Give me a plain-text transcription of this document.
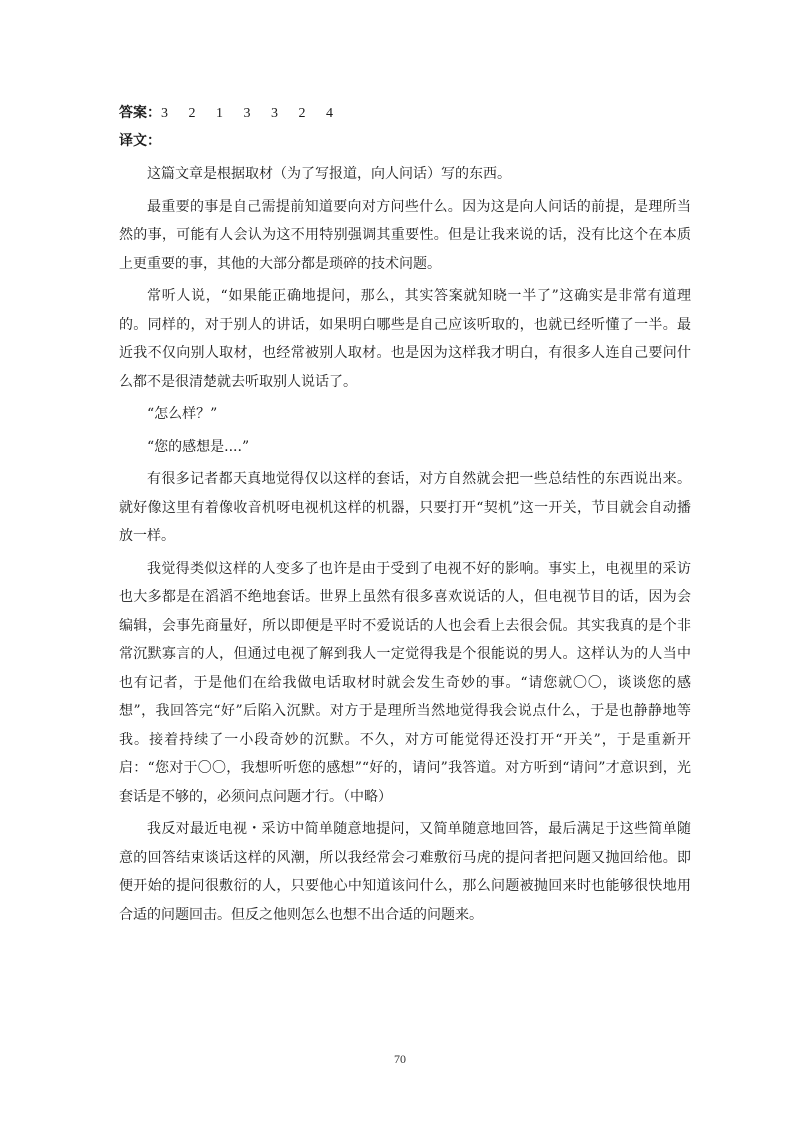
答案：3 2 1 3 3 2 4
译文：

这篇文章是根据取材（为了写报道，向人问话）写的东西。

最重要的事是自己需提前知道要向对方问些什么。因为这是向人问话的前提，是理所当然的事，可能有人会认为这不用特别强调其重要性。但是让我来说的话，没有比这个在本质上更重要的事，其他的大部分都是琐碎的技术问题。

常听人说，“如果能正确地提问，那么，其实答案就知晓一半了”这确实是非常有道理的。同样的，对于别人的讲话，如果明白哪些是自己应该听取的，也就已经听懂了一半。最近我不仅向别人取材，也经常被别人取材。也是因为这样我才明白，有很多人连自己要问什么都不是很清楚就去听取别人说话了。

“怎么样？”

“您的感想是....”

有很多记者都天真地觉得仅以这样的套话，对方自然就会把一些总结性的东西说出来。就好像这里有着像收音机呀电视机这样的机器，只要打开“契机”这一开关，节目就会自动播放一样。

我觉得类似这样的人变多了也许是由于受到了电视不好的影响。事实上，电视里的采访也大多都是在滔滔不绝地套话。世界上虽然有很多喜欢说话的人，但电视节目的话，因为会编辑，会事先商量好，所以即便是平时不爱说话的人也会看上去很会侃。其实我真的是个非常沉默寡言的人，但通过电视了解到我人一定觉得我是个很能说的男人。这样认为的人当中也有记者，于是他们在给我做电话取材时就会发生奇妙的事。“请您就〇〇，谈谈您的感想”，我回答完“好”后陷入沉默。对方于是理所当然地觉得我会说点什么，于是也静静地等我。接着持续了一小段奇妙的沉默。不久，对方可能觉得还没打开“开关”，于是重新开启：“您对于〇〇，我想听听您的感想”“好的，请问”我答道。对方听到“请问”才意识到，光套话是不够的，必须问点问题才行。（中略）

我反对最近电视・采访中简单随意地提问，又简单随意地回答，最后满足于这些简单随意的回答结束谈话这样的风潮，所以我经常会刁难敷衍马虎的提问者把问题又抛回给他。即便开始的提问很敷衍的人，只要他心中知道该问什么，那么问题被抛回来时也能够很快地用合适的问题回击。但反之他则怎么也想不出合适的问题来。

70
